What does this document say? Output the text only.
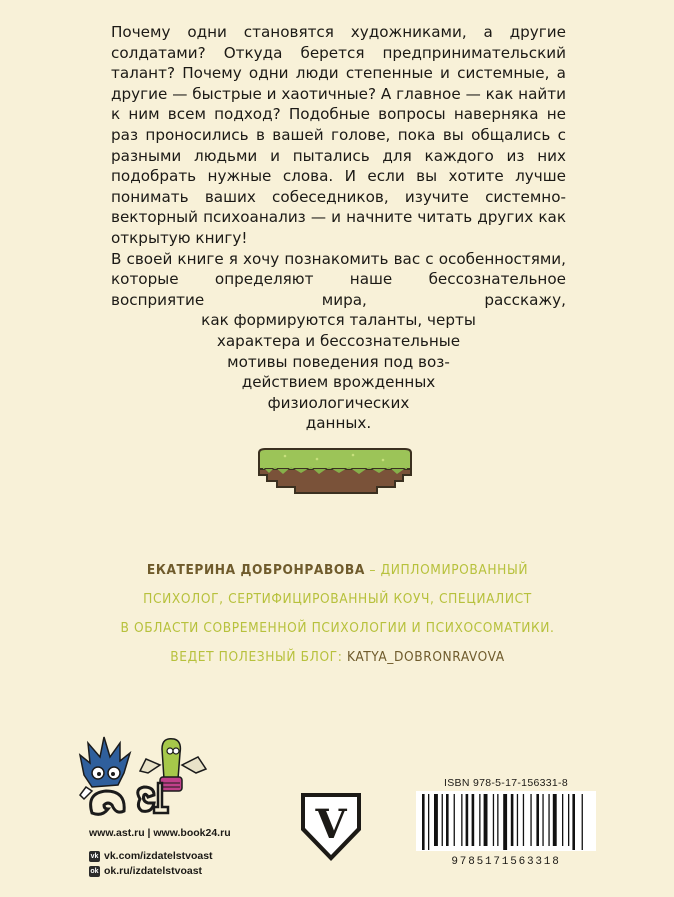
Почему одни становятся художниками, а другие солдатами? Откуда берется предпринимательский талант? Почему одни люди степенные и системные, а другие — быстрые и хаотичные? А главное — как найти к ним всем подход? Подобные вопросы наверняка не раз проносились в вашей голове, пока вы общались с разными людьми и пытались для каждого из них подобрать нужные слова. И если вы хотите лучше понимать ваших собеседников, изучите системно-векторный психоанализ — и начните читать других как открытую книгу!

В своей книге я хочу познакомить вас с особенностями, которые определяют наше бессознательное восприятие мира, расскажу,

как формируются таланты, черты
характера и бессознательные
мотивы поведения под воз-
действием врожденных
физиологических
данных.
ЕКАТЕРИНА ДОБРОНРАВОВА – ДИПЛОМИРОВАННЫЙ
ПСИХОЛОГ, СЕРТИФИЦИРОВАННЫЙ КОУЧ, СПЕЦИАЛИСТ
В ОБЛАСТИ СОВРЕМЕННОЙ ПСИХОЛОГИИ И ПСИХОСОМАТИКИ.
ВЕДЕТ ПОЛЕЗНЫЙ БЛОГ: KATYA_DOBRONRAVOVA
ac
www.ast.ru | www.book24.ru
vk vk.com/izdatelstvoast
ok ok.ru/izdatelstvoast
V

ISBN 978-5-17-156331-8

9785171563318
